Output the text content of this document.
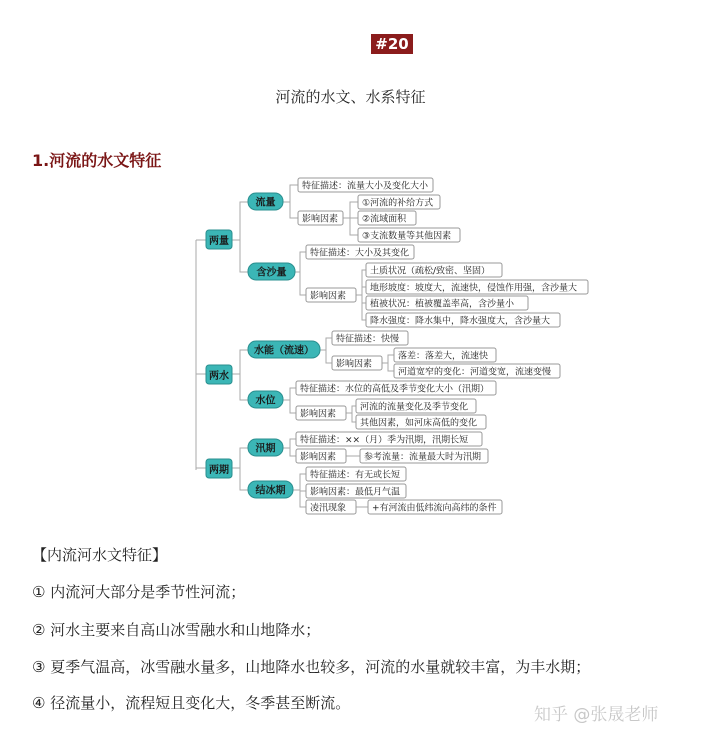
#20
河流的水文、水系特征
1.河流的水文特征
两量
两水
两期
流量
含沙量
水能（流速）
水位
汛期
结冰期
特征描述：流量大小及变化大小
影响因素
①河流的补给方式
②流域面积
③支流数量等其他因素
特征描述：大小及其变化
影响因素
土质状况（疏松/致密、坚固）
地形坡度：坡度大，流速快，侵蚀作用强，含沙量大
植被状况：植被覆盖率高，含沙量小
降水强度：降水集中，降水强度大，含沙量大
特征描述：快慢
影响因素
落差：落差大，流速快
河道宽窄的变化：河道变宽，流速变慢
特征描述：水位的高低及季节变化大小（汛期）
影响因素
河流的流量变化及季节变化
其他因素，如河床高低的变化
特征描述：××（月）季为汛期，汛期长短
影响因素	参考流量：流量最大时为汛期
特征描述：有无或长短
影响因素：最低月气温
凌汛现象	+有河流由低纬流向高纬的条件
【内流河水文特征】
① 内流河大部分是季节性河流；
② 河水主要来自高山冰雪融水和山地降水；
③ 夏季气温高，冰雪融水量多，山地降水也较多，河流的水量就较丰富，为丰水期；
④ 径流量小，流程短且变化大，冬季甚至断流。
知乎 @张晟老师
